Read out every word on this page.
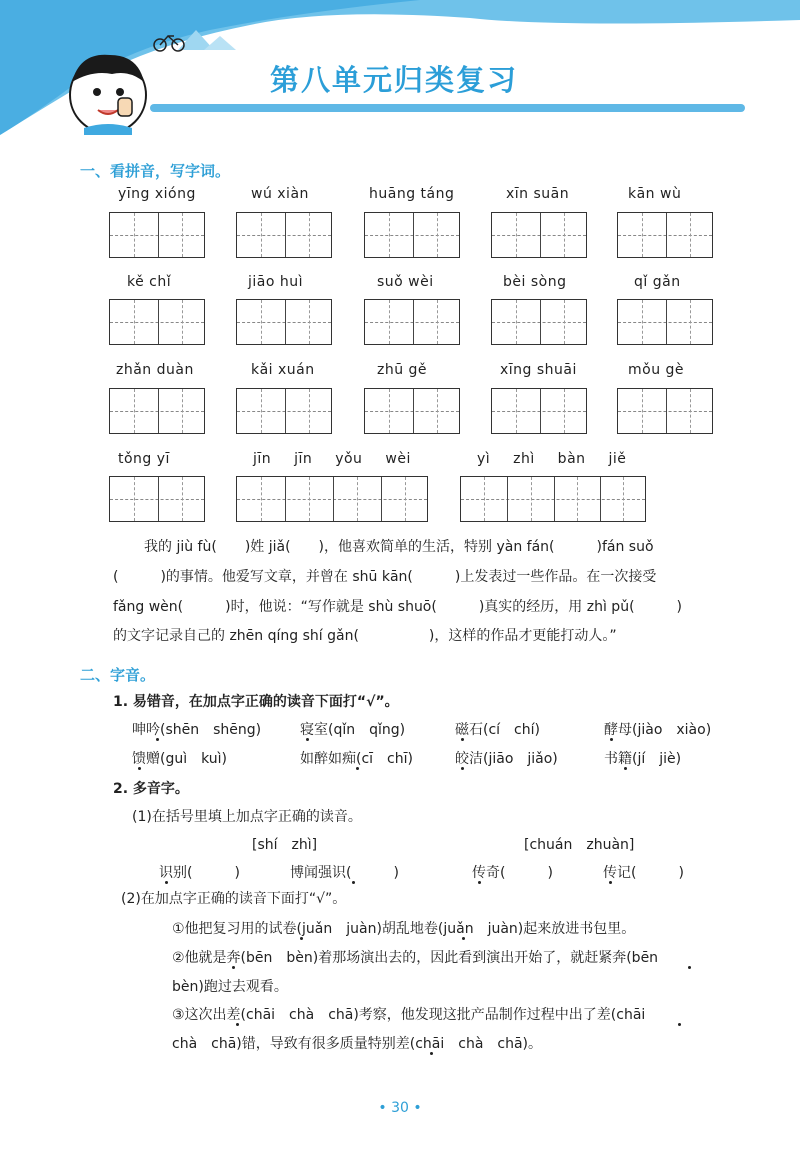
第八单元归类复习
一、看拼音，写字词。
yīng xióng	wú xiàn	huāng táng	xīn suān	kān wù
kě chǐ	jiāo huì	suǒ wèi	bèi sòng	qǐ gǎn
zhǎn duàn	kǎi xuán	zhū gě	xīng shuāi	mǒu gè
tǒng yī	jīn jīn yǒu wèi	yì zhì bàn jiě
我的 jiù fù(　　)姓 jiǎ(　　)，他喜欢简单的生活，特别 yàn fán(　　　)fán suǒ
(　　　)的事情。他爱写文章，并曾在 shū kān(　　　)上发表过一些作品。在一次接受
fǎng wèn(　　　)时，他说：“写作就是 shù shuō(　　　)真实的经历，用 zhì pǔ(　　　)
的文字记录自己的 zhēn qíng shí gǎn(　　　　　)，这样的作品才更能打动人。”
二、字音。
1. 易错音，在加点字正确的读音下面打“√”。
呻吟(shēn　shēng)	寝室(qǐn　qǐng)	磁石(cí　chí)	酵母(jiào　xiào)
馈赠(guì　kuì)	如醉如痴(cī　chī)	皎洁(jiāo　jiǎo)	书籍(jí　jiè)
2. 多音字。
(1)在括号里填上加点字正确的读音。
[shí　zhì]	[chuán　zhuàn]
识别(　　　)	博闻强识(　　　)	传奇(　　　)	传记(　　　)
(2)在加点字正确的读音下面打“√”。
①他把复习用的试卷(juǎn　juàn)胡乱地卷(juǎn　juàn)起来放进书包里。
②他就是奔(bēn　bèn)着那场演出去的，因此看到演出开始了，就赶紧奔(bēn
bèn)跑过去观看。
③这次出差(chāi　chà　chā)考察，他发现这批产品制作过程中出了差(chāi
chà　chā)错，导致有很多质量特别差(chāi　chà　chā)。
• 30 •
